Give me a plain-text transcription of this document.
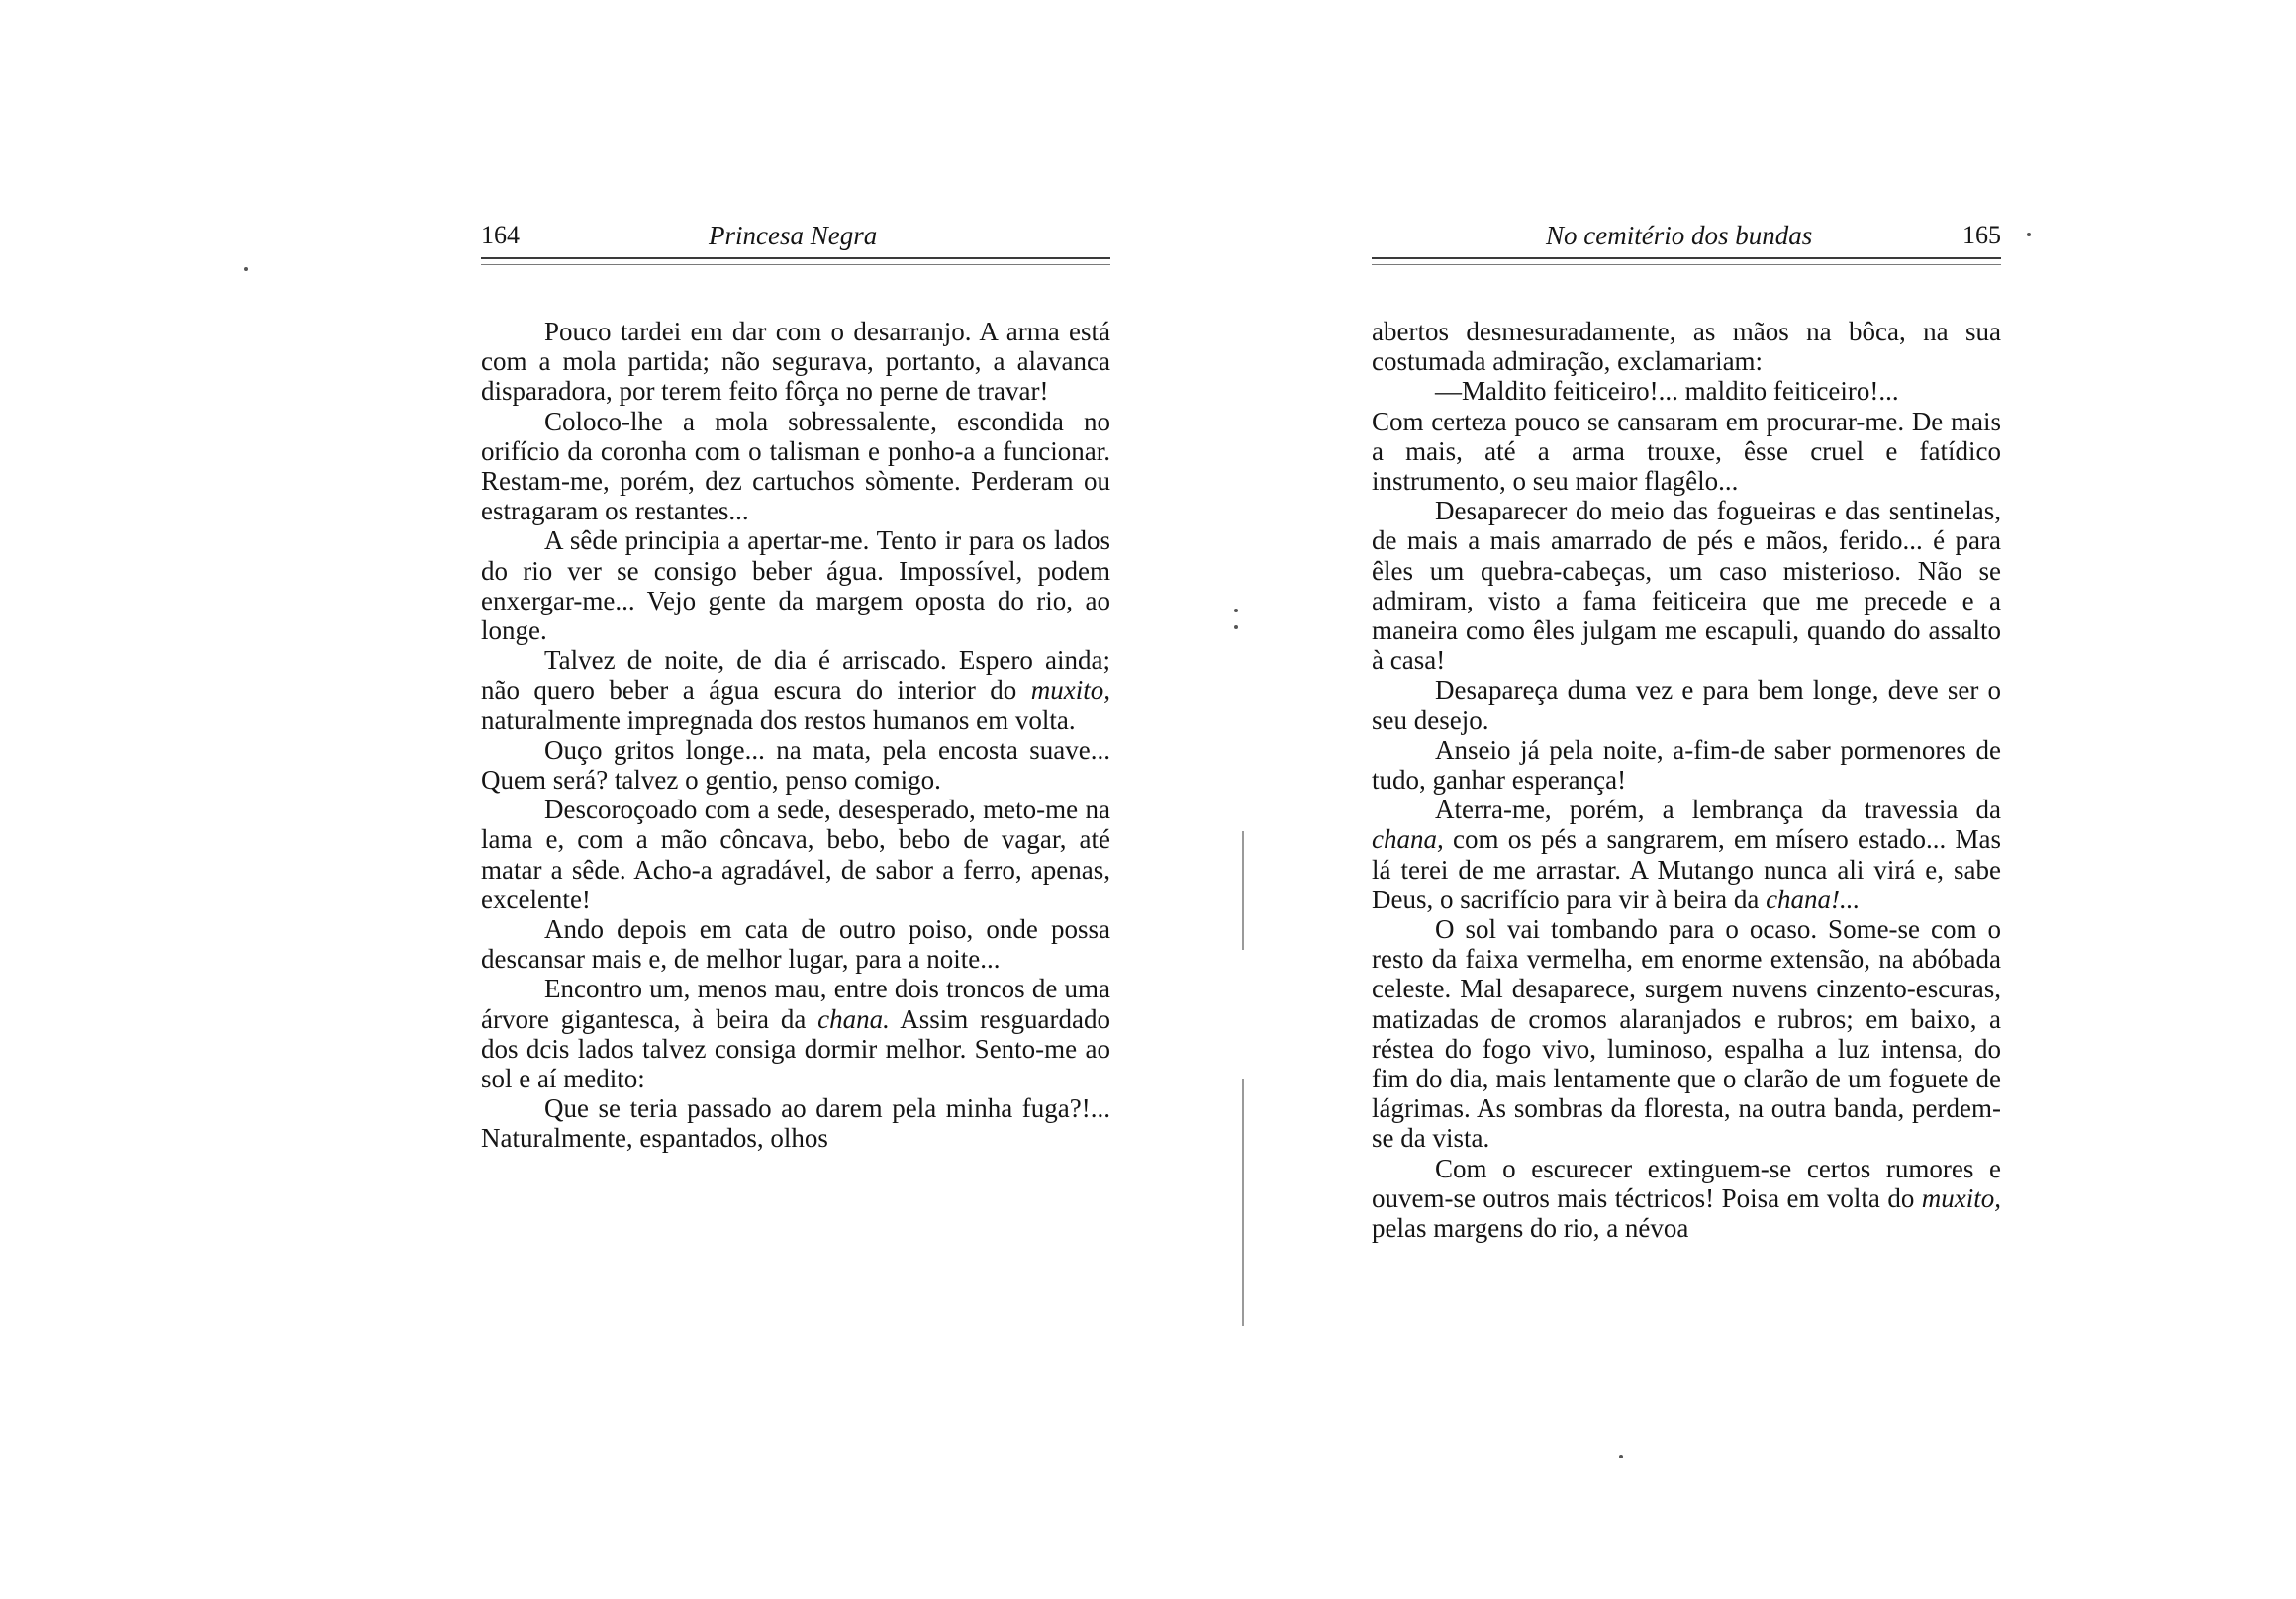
164	Princesa Negra

Pouco tardei em dar com o desarranjo. A arma está com a mola partida; não segurava, portanto, a alavanca disparadora, por terem feito fôrça no perne de travar!

Coloco-lhe a mola sobressalente, escondida no orifício da coronha com o talisman e ponho-a a funcionar. Restam-me, porém, dez cartuchos sòmente. Perderam ou estragaram os restantes...

A sêde principia a apertar-me. Tento ir para os lados do rio ver se consigo beber água. Impossível, podem enxergar-me... Vejo gente da margem oposta do rio, ao longe.

Talvez de noite, de dia é arriscado. Espero ainda; não quero beber a água escura do interior do muxito, naturalmente impregnada dos restos humanos em volta.

Ouço gritos longe... na mata, pela encosta suave... Quem será? talvez o gentio, penso comigo.

Descoroçoado com a sede, desesperado, meto-me na lama e, com a mão côncava, bebo, bebo de vagar, até matar a sêde. Acho-a agradável, de sabor a ferro, apenas, excelente!

Ando depois em cata de outro poiso, onde possa descansar mais e, de melhor lugar, para a noite...

Encontro um, menos mau, entre dois troncos de uma árvore gigantesca, à beira da chana. Assim resguardado dos dcis lados talvez consiga dormir melhor. Sento-me ao sol e aí medito:

Que se teria passado ao darem pela minha fuga?!... Naturalmente, espantados, olhos

No cemitério dos bundas	165

abertos desmesuradamente, as mãos na bôca, na sua costumada admiração, exclamariam:

—Maldito feiticeiro!... maldito feiticeiro!...

Com certeza pouco se cansaram em procurar-me. De mais a mais, até a arma trouxe, êsse cruel e fatídico instrumento, o seu maior flagêlo...

Desaparecer do meio das fogueiras e das sentinelas, de mais a mais amarrado de pés e mãos, ferido... é para êles um quebra-cabeças, um caso misterioso. Não se admiram, visto a fama feiticeira que me precede e a maneira como êles julgam me escapuli, quando do assalto à casa!

Desapareça duma vez e para bem longe, deve ser o seu desejo.

Anseio já pela noite, a-fim-de saber pormenores de tudo, ganhar esperança!

Aterra-me, porém, a lembrança da travessia da chana, com os pés a sangrarem, em mísero estado... Mas lá terei de me arrastar. A Mutango nunca ali virá e, sabe Deus, o sacrifício para vir à beira da chana!...

O sol vai tombando para o ocaso. Some-se com o resto da faixa vermelha, em enorme extensão, na abóbada celeste. Mal desaparece, surgem nuvens cinzento-escuras, matizadas de cromos alaranjados e rubros; em baixo, a réstea do fogo vivo, luminoso, espalha a luz intensa, do fim do dia, mais lentamente que o clarão de um foguete de lágrimas. As sombras da floresta, na outra banda, perdem-se da vista.

Com o escurecer extinguem-se certos rumores e ouvem-se outros mais téctricos! Poisa em volta do muxito, pelas margens do rio, a névoa
